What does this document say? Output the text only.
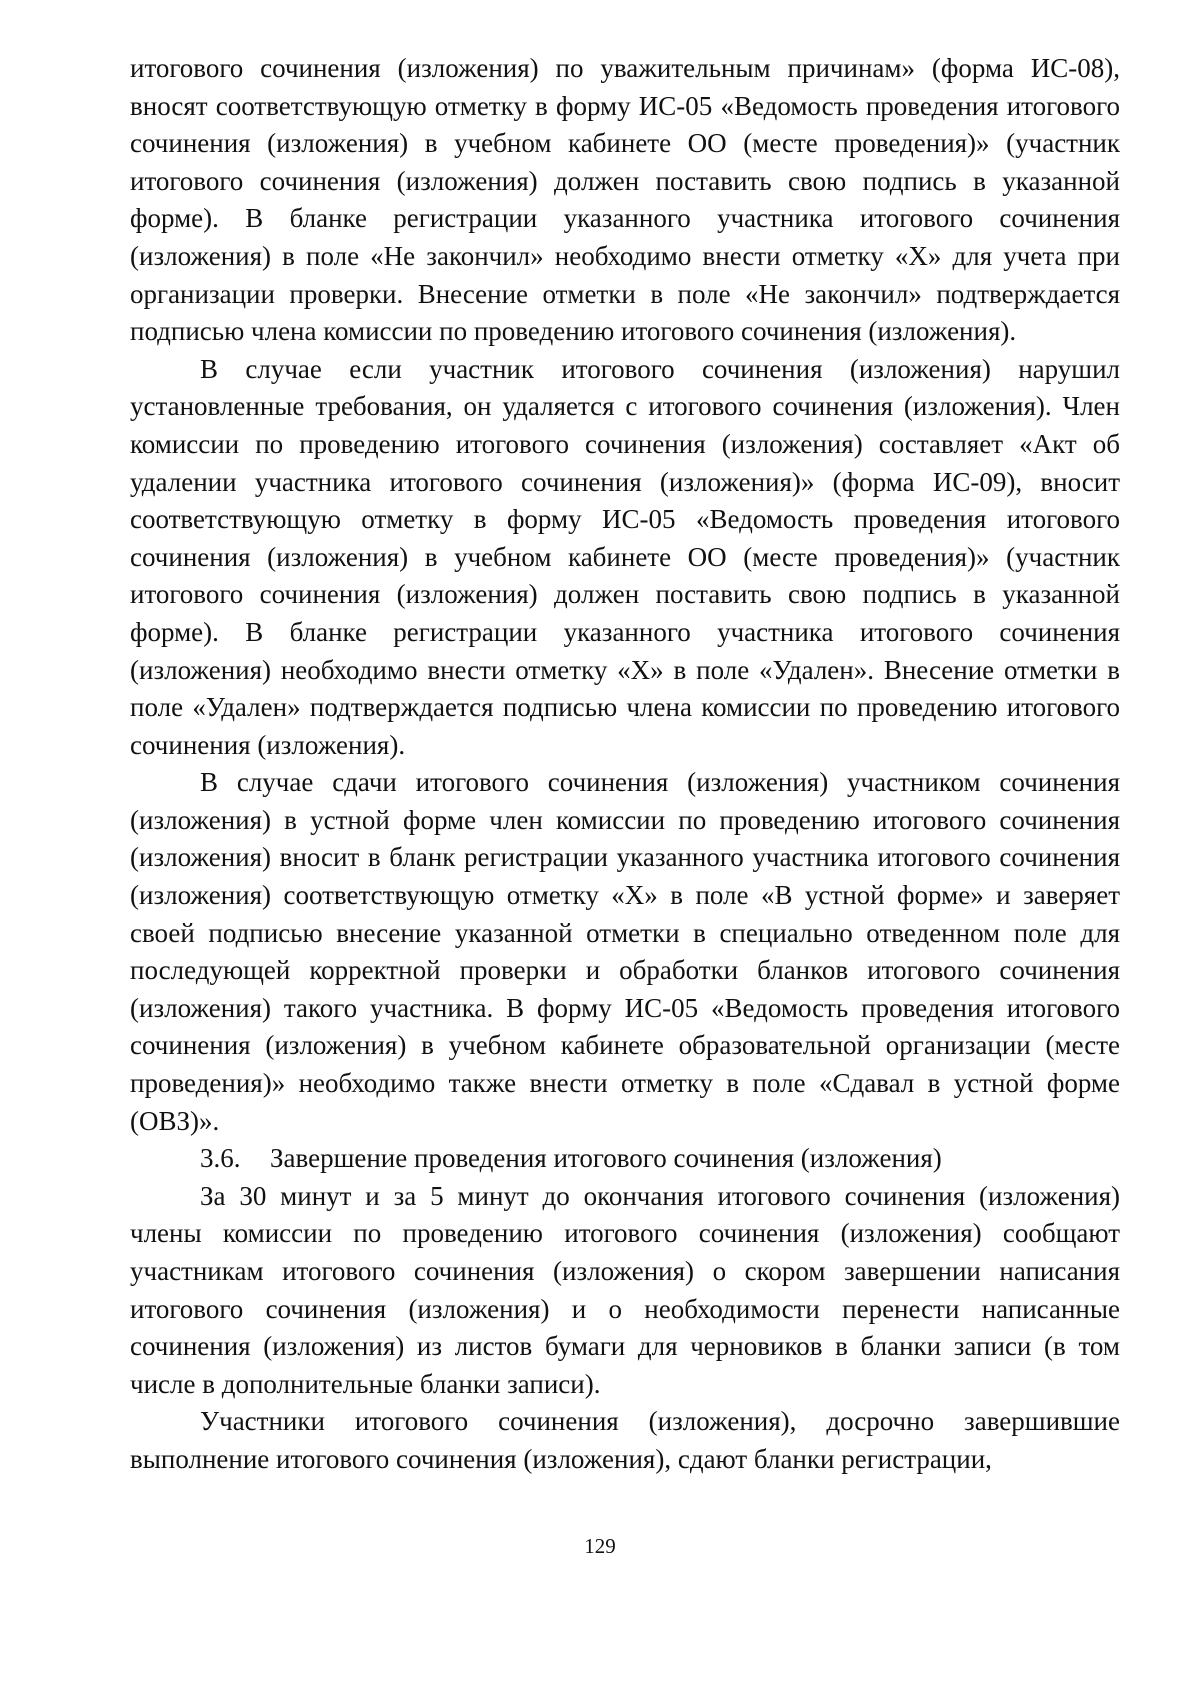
итогового сочинения (изложения) по уважительным причинам» (форма ИС-08), вносят соответствующую отметку в форму ИС-05 «Ведомость проведения итогового сочинения (изложения) в учебном кабинете ОО (месте проведения)» (участник итогового сочинения (изложения) должен поставить свою подпись в указанной форме). В бланке регистрации указанного участника итогового сочинения (изложения) в поле «Не закончил» необходимо внести отметку «Х» для учета при организации проверки. Внесение отметки в поле «Не закончил» подтверждается подписью члена комиссии по проведению итогового сочинения (изложения).

В случае если участник итогового сочинения (изложения) нарушил установленные требования, он удаляется с итогового сочинения (изложения). Член комиссии по проведению итогового сочинения (изложения) составляет «Акт об удалении участника итогового сочинения (изложения)» (форма ИС-09), вносит соответствующую отметку в форму ИС-05 «Ведомость проведения итогового сочинения (изложения) в учебном кабинете ОО (месте проведения)» (участник итогового сочинения (изложения) должен поставить свою подпись в указанной форме). В бланке регистрации указанного участника итогового сочинения (изложения) необходимо внести отметку «Х» в поле «Удален». Внесение отметки в поле «Удален» подтверждается подписью члена комиссии по проведению итогового сочинения (изложения).

В случае сдачи итогового сочинения (изложения) участником сочинения (изложения) в устной форме член комиссии по проведению итогового сочинения (изложения) вносит в бланк регистрации указанного участника итогового сочинения (изложения) соответствующую отметку «Х» в поле «В устной форме» и заверяет своей подписью внесение указанной отметки в специально отведенном поле для последующей корректной проверки и обработки бланков итогового сочинения (изложения) такого участника. В форму ИС-05 «Ведомость проведения итогового сочинения (изложения) в учебном кабинете образовательной организации (месте проведения)» необходимо также внести отметку в поле «Сдавал в устной форме (ОВЗ)».

3.6. Завершение проведения итогового сочинения (изложения)

За 30 минут и за 5 минут до окончания итогового сочинения (изложения) члены комиссии по проведению итогового сочинения (изложения) сообщают участникам итогового сочинения (изложения) о скором завершении написания итогового сочинения (изложения) и о необходимости перенести написанные сочинения (изложения) из листов бумаги для черновиков в бланки записи (в том числе в дополнительные бланки записи).

Участники итогового сочинения (изложения), досрочно завершившие выполнение итогового сочинения (изложения), сдают бланки регистрации,

129
